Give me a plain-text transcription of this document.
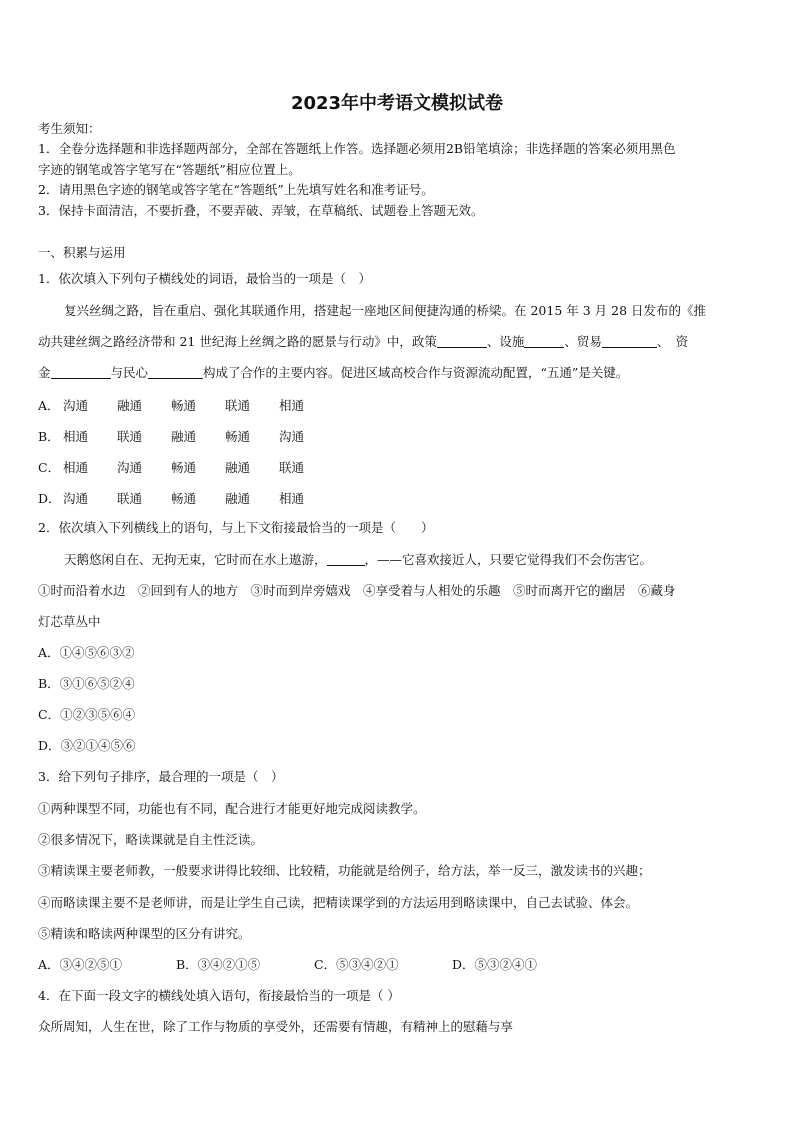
2023年中考语文模拟试卷
考生须知：
1．全卷分选择题和非选择题两部分，全部在答题纸上作答。选择题必须用2B铅笔填涂；非选择题的答案必须用黑色
字迹的钢笔或答字笔写在“答题纸”相应位置上。
2．请用黑色字迹的钢笔或答字笔在“答题纸”上先填写姓名和准考证号。
3．保持卡面清洁，不要折叠，不要弄破、弄皱，在草稿纸、试题卷上答题无效。
一、积累与运用
1．依次填入下列句子横线处的词语，最恰当的一项是（　）
复兴丝绸之路，旨在重启、强化其联通作用，搭建起一座地区间便捷沟通的桥梁。在 2015 年 3 月 28 日发布的《推
动共建丝绸之路经济带和 21 世纪海上丝绸之路的愿景与行动》中，政策	、设施	、贸易	、　资
金	与民心	构成了合作的主要内容。促进区域高校合作与资源流动配置，“五通”是关键。
A． 沟通 融通 畅通 联通 相通
B． 相通 联通 融通 畅通 沟通
C． 相通 沟通 畅通 融通 联通
D． 沟通 联通 畅通 融通 相通
2．依次填入下列横线上的语句，与上下文衔接最恰当的一项是（　　）
天鹅悠闲自在、无拘无束，它时而在水上遨游，	，——它喜欢接近人，只要它觉得我们不会伤害它。
①时而沿着水边　②回到有人的地方　③时而到岸旁嬉戏　④享受着与人相处的乐趣　⑤时而离开它的幽居　⑥藏身
灯芯草丛中
A．①④⑤⑥③②
B．③①⑥⑤②④
C．①②③⑤⑥④
D．③②①④⑤⑥
3．给下列句子排序，最合理的一项是（　）
①两种课型不同，功能也有不同，配合进行才能更好地完成阅读教学。
②很多情况下，略读课就是自主性泛读。
③精读课主要老师教，一般要求讲得比较细、比较精，功能就是给例子，给方法，举一反三，激发读书的兴趣；
④而略读课主要不是老师讲，而是让学生自己读，把精读课学到的方法运用到略读课中，自己去试验、体会。
⑤精读和略读两种课型的区分有讲究。
A．③④②⑤①	B．③④②①⑤	C．⑤③④②①	D．⑤③②④①
4．在下面一段文字的横线处填入语句，衔接最恰当的一项是（ ）
众所周知，人生在世，除了工作与物质的享受外，还需要有情趣，有精神上的慰藉与享
